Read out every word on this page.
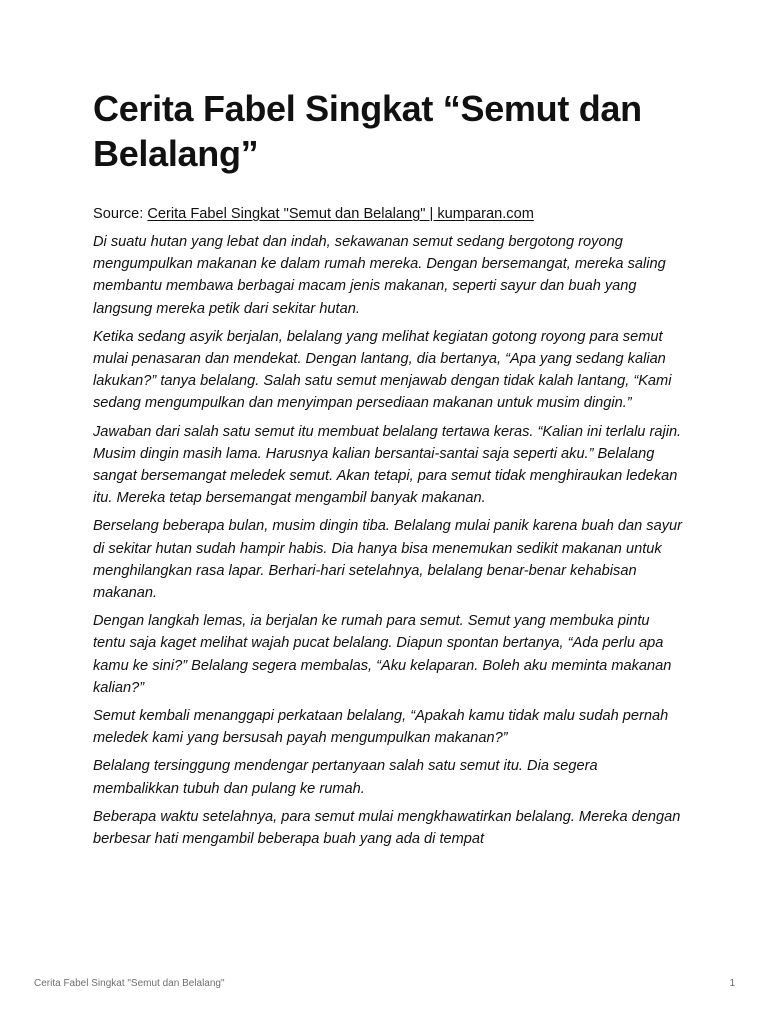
Cerita Fabel Singkat “Semut dan Belalang”
Source: Cerita Fabel Singkat "Semut dan Belalang" | kumparan.com

Di suatu hutan yang lebat dan indah, sekawanan semut sedang bergotong royong mengumpulkan makanan ke dalam rumah mereka. Dengan bersemangat, mereka saling membantu membawa berbagai macam jenis makanan, seperti sayur dan buah yang langsung mereka petik dari sekitar hutan.

Ketika sedang asyik berjalan, belalang yang melihat kegiatan gotong royong para semut mulai penasaran dan mendekat. Dengan lantang, dia bertanya, “Apa yang sedang kalian lakukan?” tanya belalang. Salah satu semut menjawab dengan tidak kalah lantang, “Kami sedang mengumpulkan dan menyimpan persediaan makanan untuk musim dingin.”

Jawaban dari salah satu semut itu membuat belalang tertawa keras. “Kalian ini terlalu rajin. Musim dingin masih lama. Harusnya kalian bersantai-santai saja seperti aku.” Belalang sangat bersemangat meledek semut. Akan tetapi, para semut tidak menghiraukan ledekan itu. Mereka tetap bersemangat mengambil banyak makanan.

Berselang beberapa bulan, musim dingin tiba. Belalang mulai panik karena buah dan sayur di sekitar hutan sudah hampir habis. Dia hanya bisa menemukan sedikit makanan untuk menghilangkan rasa lapar. Berhari-hari setelahnya, belalang benar-benar kehabisan makanan.

Dengan langkah lemas, ia berjalan ke rumah para semut. Semut yang membuka pintu tentu saja kaget melihat wajah pucat belalang. Diapun spontan bertanya, “Ada perlu apa kamu ke sini?” Belalang segera membalas, “Aku kelaparan. Boleh aku meminta makanan kalian?”

Semut kembali menanggapi perkataan belalang, “Apakah kamu tidak malu sudah pernah meledek kami yang bersusah payah mengumpulkan makanan?”

Belalang tersinggung mendengar pertanyaan salah satu semut itu. Dia segera membalikkan tubuh dan pulang ke rumah.

Beberapa waktu setelahnya, para semut mulai mengkhawatirkan belalang. Mereka dengan berbesar hati mengambil beberapa buah yang ada di tempat

Cerita Fabel Singkat "Semut dan Belalang"	1
